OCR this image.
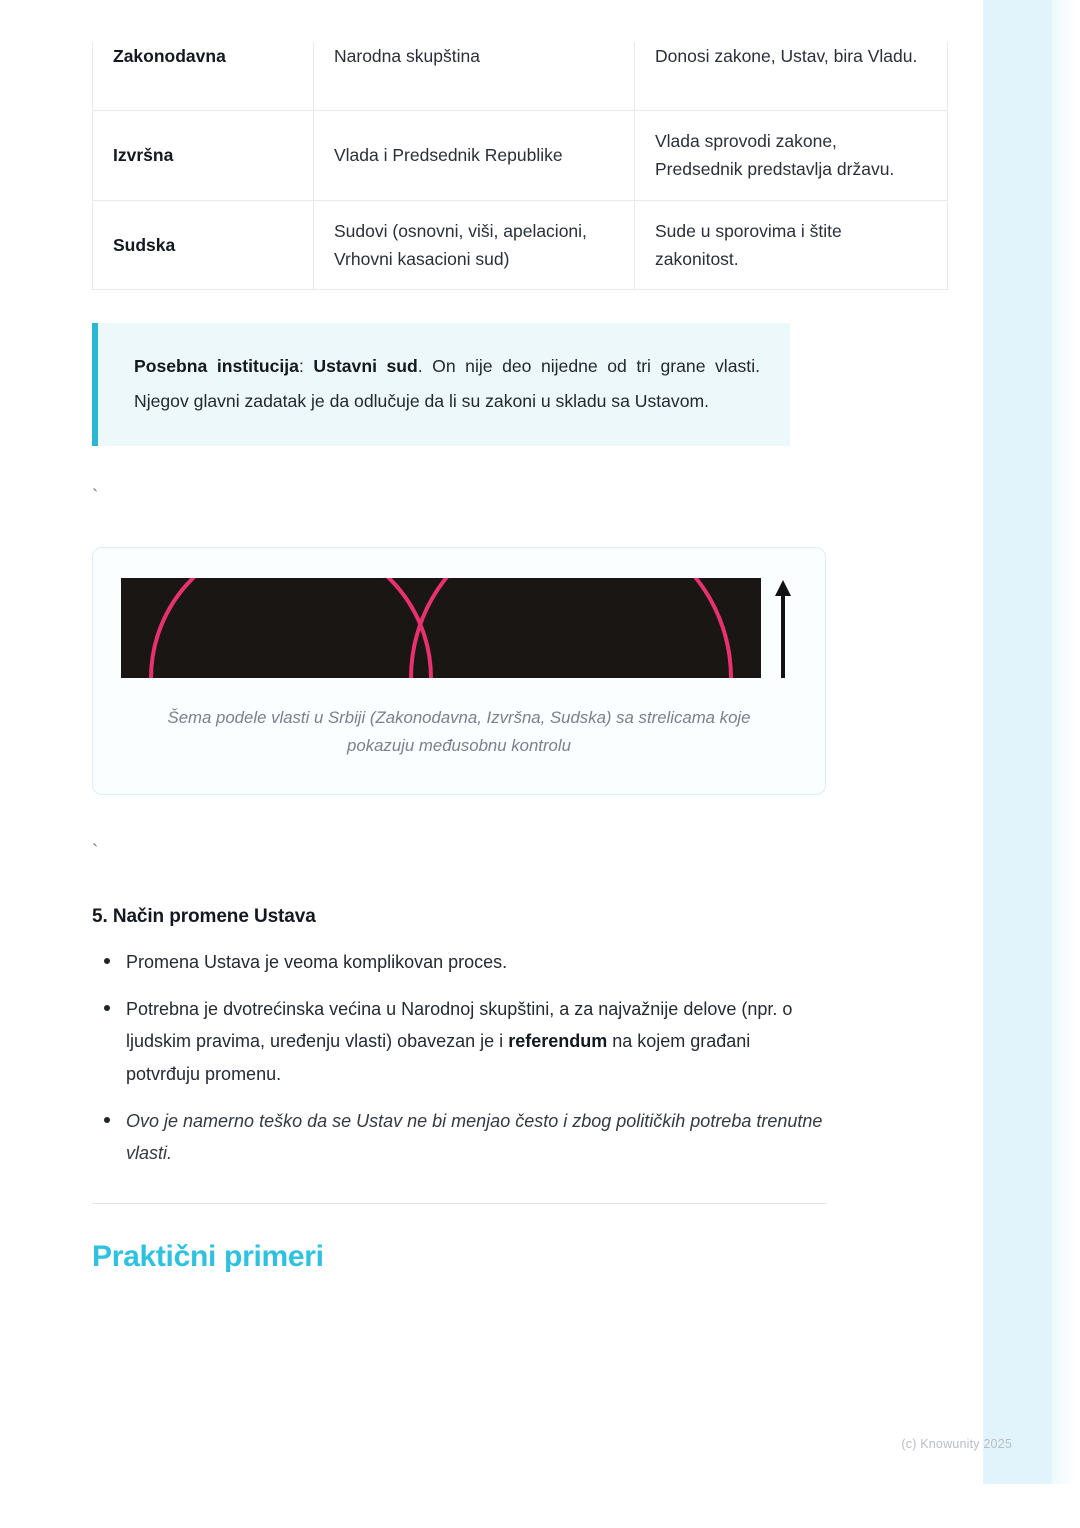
Zakonodavna	Narodna skupština	Donosi zakone, Ustav, bira Vladu.
Izvršna	Vlada i Predsednik Republike	Vlada sprovodi zakone, Predsednik predstavlja državu.
Sudska	Sudovi (osnovni, viši, apelacioni, Vrhovni kasacioni sud)	Sude u sporovima i štite zakonitost.

Posebna institucija: Ustavni sud. On nije deo nijedne od tri grane vlasti. Njegov glavni zadatak je da odlučuje da li su zakoni u skladu sa Ustavom.

`
Šema podele vlasti u Srbiji (Zakonodavna, Izvršna, Sudska) sa strelicama koje pokazuju međusobnu kontrolu
`
5. Način promene Ustava
Promena Ustava je veoma komplikovan proces.
Potrebna je dvotrećinska većina u Narodnoj skupštini, a za najvažnije delove (npr. o ljudskim pravima, uređenju vlasti) obavezan je i referendum na kojem građani potvrđuju promenu.
Ovo je namerno teško da se Ustav ne bi menjao često i zbog političkih potreba trenutne vlasti.
Praktični primeri
(c) Knowunity 2025
